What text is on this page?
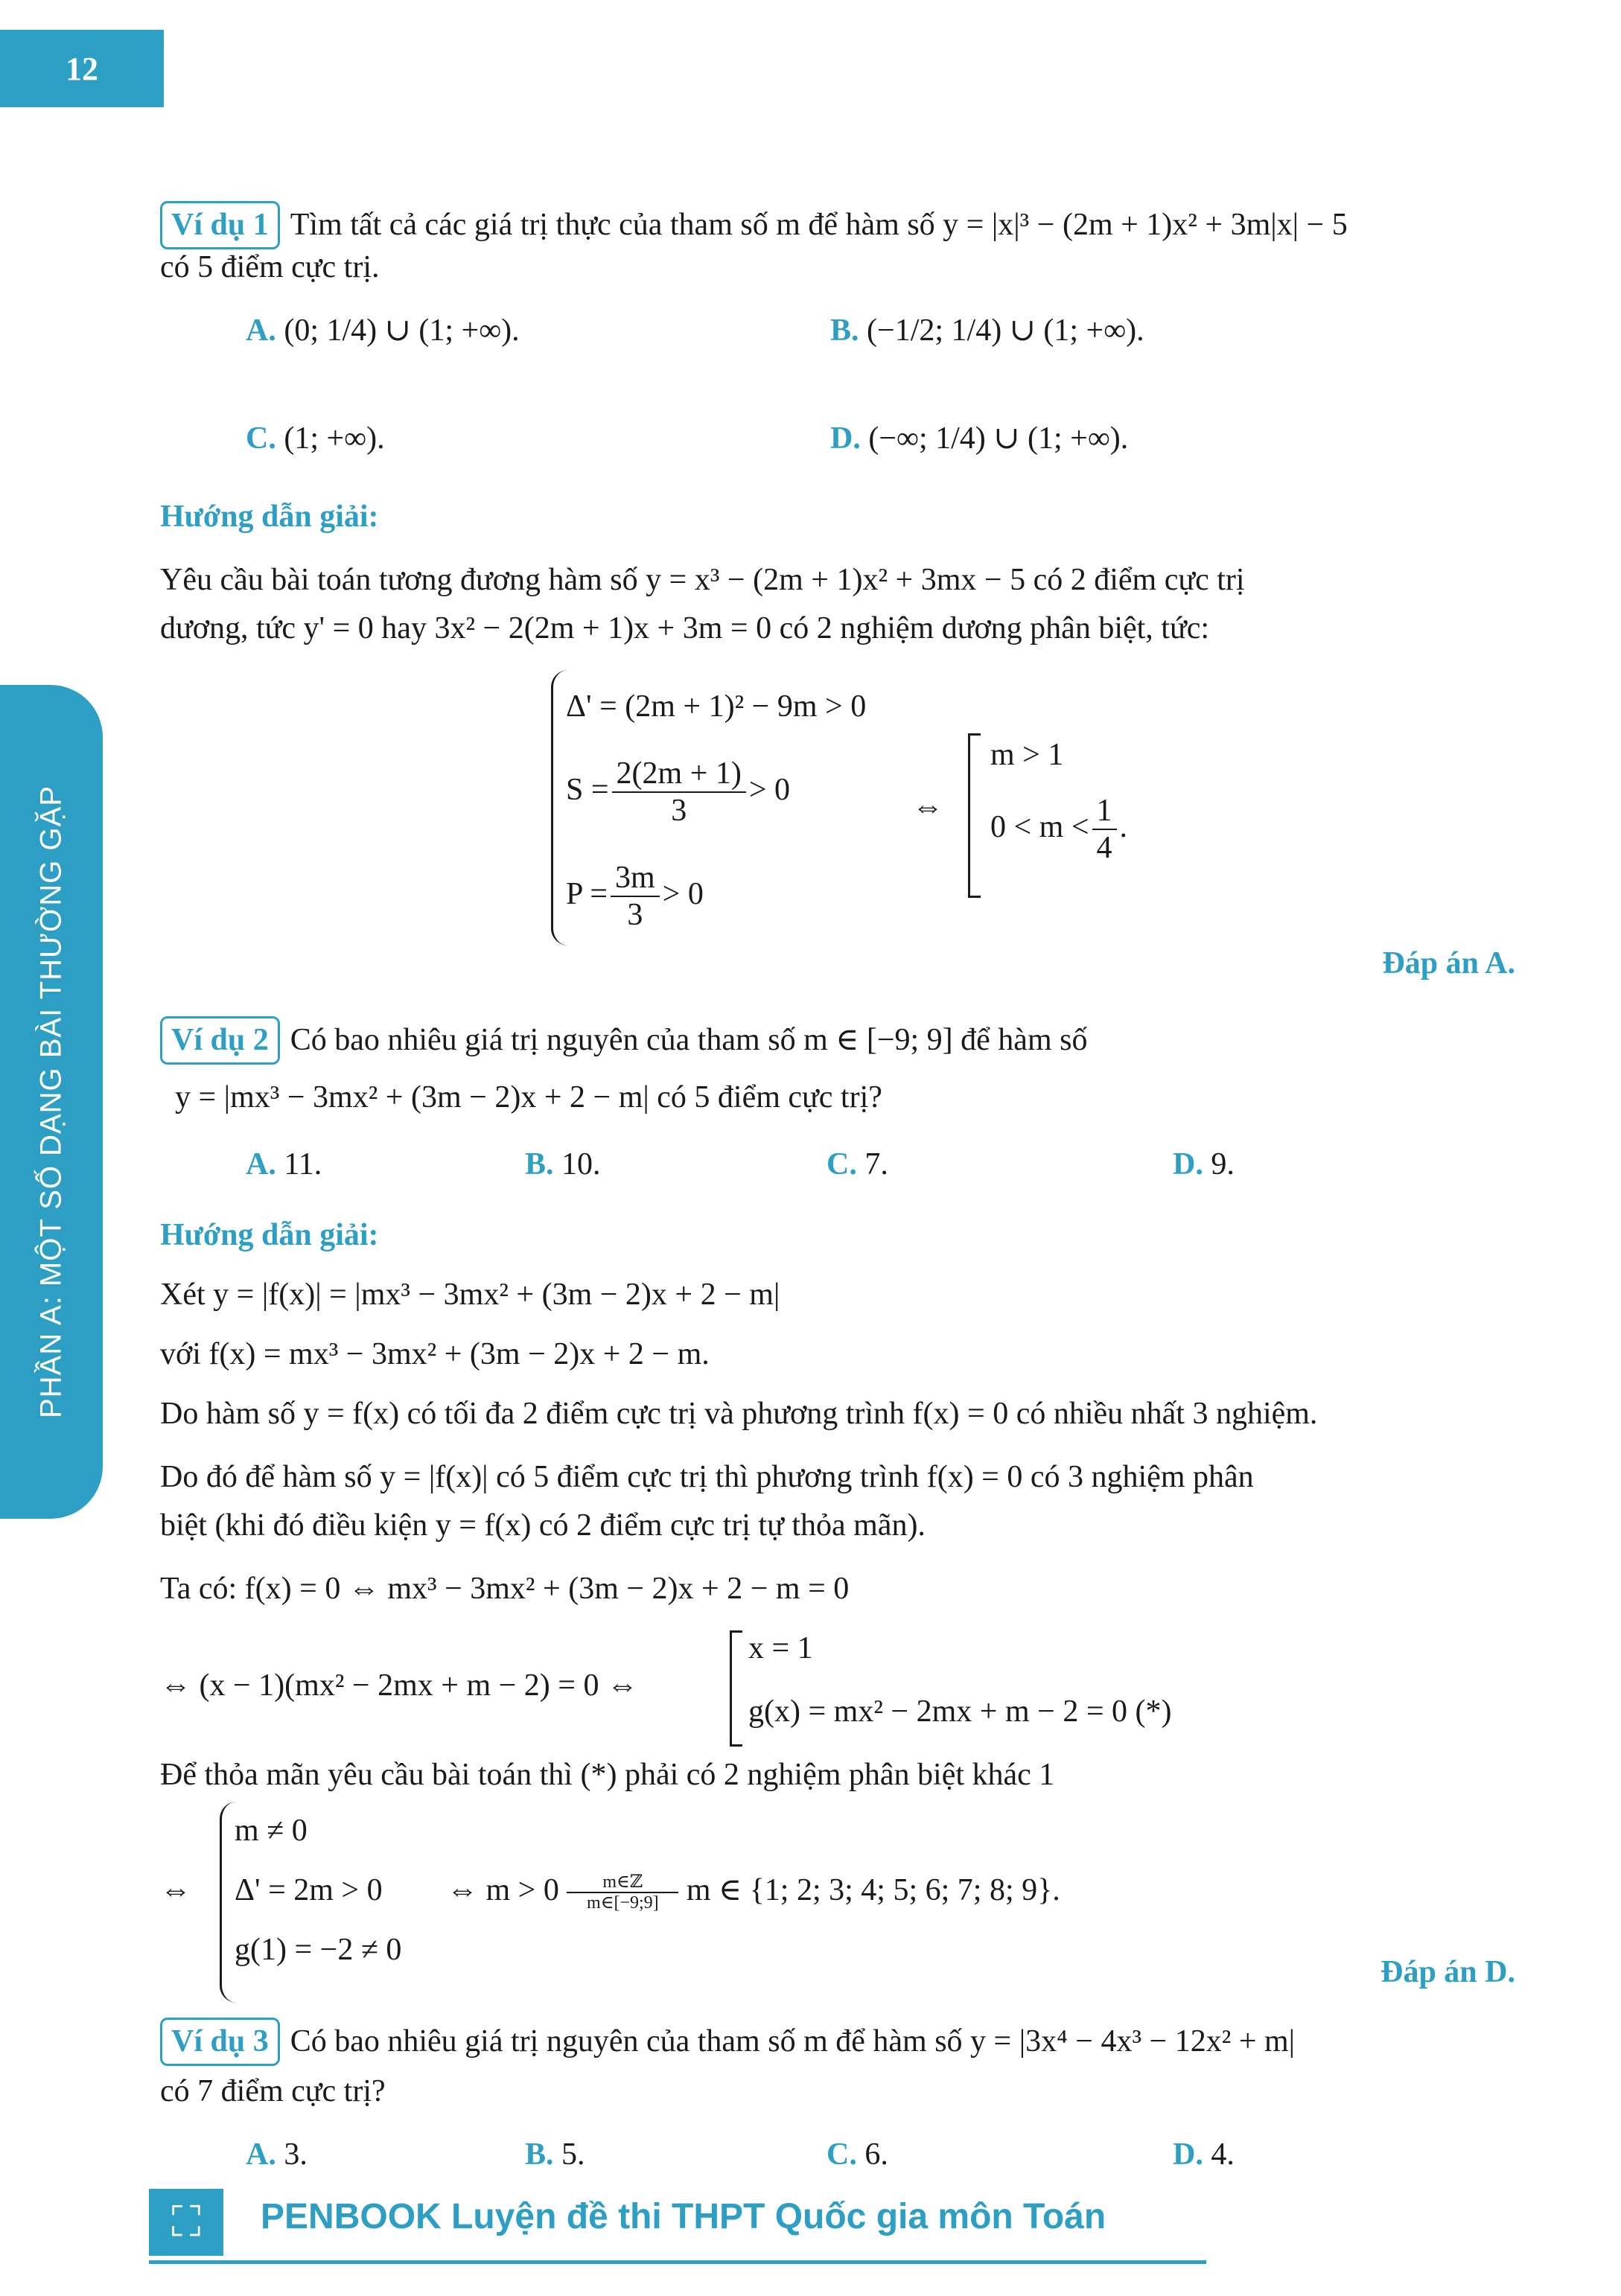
12
PHẦN A: MỘT SỐ DẠNG BÀI THƯỜNG GẶP
Ví dụ 1 Tìm tất cả các giá trị thực của tham số m để hàm số y = |x|³ − (2m + 1)x² + 3m|x| − 5
có 5 điểm cực trị.
A. (0; 1/4) ∪ (1; +∞).	B. (−1/2; 1/4) ∪ (1; +∞).
C. (1; +∞).	D. (−∞; 1/4) ∪ (1; +∞).
Hướng dẫn giải:
Yêu cầu bài toán tương đương hàm số y = x³ − (2m + 1)x² + 3mx − 5 có 2 điểm cực trị
dương, tức y' = 0 hay 3x² − 2(2m + 1)x + 3m = 0 có 2 nghiệm dương phân biệt, tức:
Δ' = (2m + 1)² − 9m > 0
$S = \frac{2(2m + 1)}{3} > 0$
$P = \frac{3m}{3} > 0$
⇔
m > 1
$0 < m < \frac{1}{4}$ .
Đáp án A.
Ví dụ 2 Có bao nhiêu giá trị nguyên của tham số m ∈ [−9; 9] để hàm số
y = |mx³ − 3mx² + (3m − 2)x + 2 − m| có 5 điểm cực trị?
A. 11.	B. 10.	C. 7.	D. 9.
Hướng dẫn giải:
Xét y = |f(x)| = |mx³ − 3mx² + (3m − 2)x + 2 − m|
với f(x) = mx³ − 3mx² + (3m − 2)x + 2 − m.
Do hàm số y = f(x) có tối đa 2 điểm cực trị và phương trình f(x) = 0 có nhiều nhất 3 nghiệm.
Do đó để hàm số y = |f(x)| có 5 điểm cực trị thì phương trình f(x) = 0 có 3 nghiệm phân
biệt (khi đó điều kiện y = f(x) có 2 điểm cực trị tự thỏa mãn).
Ta có: f(x) = 0 ⇔ mx³ − 3mx² + (3m − 2)x + 2 − m = 0
⇔ (x − 1)(mx² − 2mx + m − 2) = 0 ⇔
x = 1
g(x) = mx² − 2mx + m − 2 = 0 (*)
Để thỏa mãn yêu cầu bài toán thì (*) phải có 2 nghiệm phân biệt khác 1
⇔
m ≠ 0
Δ' = 2m > 0
g(1) = −2 ≠ 0
⇔ m > 0 m∈ℤ
m∈[−9;9] m ∈ {1; 2; 3; 4; 5; 6; 7; 8; 9}.
Đáp án D.
Ví dụ 3 Có bao nhiêu giá trị nguyên của tham số m để hàm số y = |3x⁴ − 4x³ − 12x² + m|
có 7 điểm cực trị?
A. 3.	B. 5.	C. 6.	D. 4.
⛶	PENBOOK Luyện đề thi THPT Quốc gia môn Toán
